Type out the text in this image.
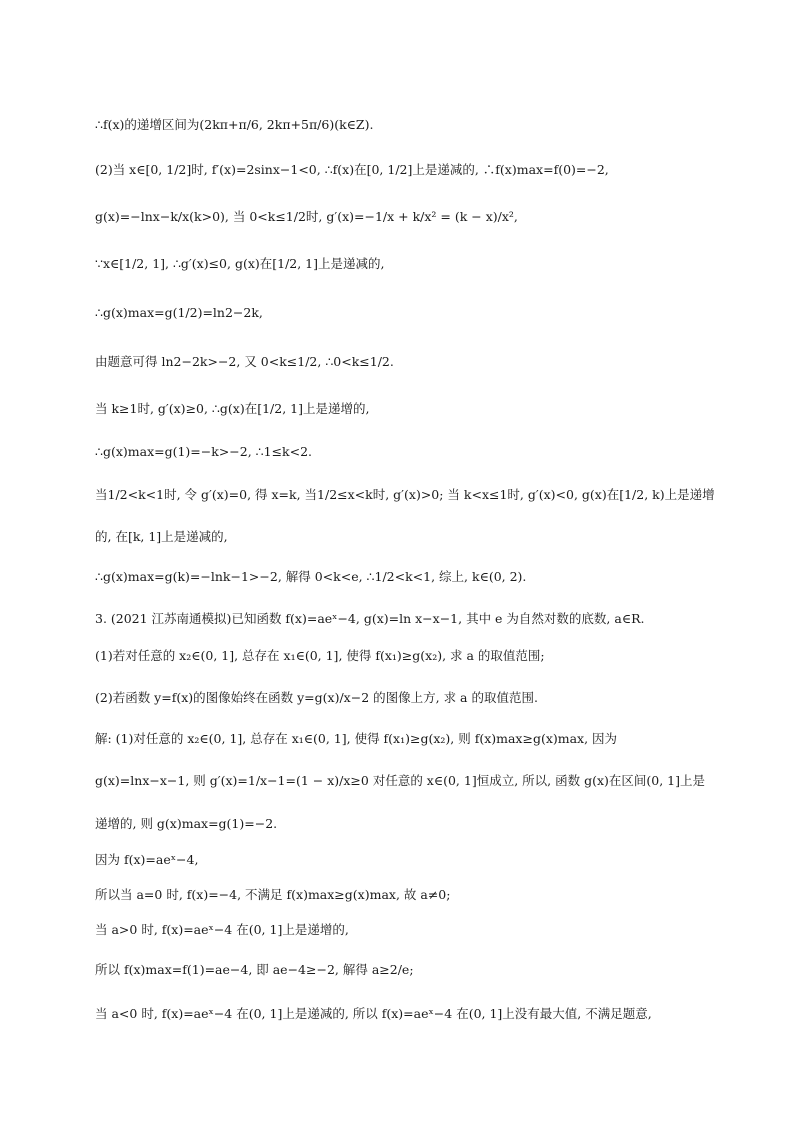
∴f(x)的递增区间为(2kπ+π/6, 2kπ+5π/6)(k∈Z).
(2)当 x∈[0, 1/2]时, f′(x)=2sinx−1<0, ∴f(x)在[0, 1/2]上是递减的, ∴f(x)max=f(0)=−2,
g(x)=−lnx−k/x(k>0), 当 0<k≤1/2时, g′(x)=−1/x + k/x² = (k − x)/x²,
∵x∈[1/2, 1], ∴g′(x)≤0, g(x)在[1/2, 1]上是递减的,
∴g(x)max=g(1/2)=ln2−2k,
由题意可得 ln2−2k>−2, 又 0<k≤1/2, ∴0<k≤1/2.
当 k≥1时, g′(x)≥0, ∴g(x)在[1/2, 1]上是递增的,
∴g(x)max=g(1)=−k>−2, ∴1≤k<2.
当1/2<k<1时, 令 g′(x)=0, 得 x=k, 当1/2≤x<k时, g′(x)>0; 当 k<x≤1时, g′(x)<0, g(x)在[1/2, k)上是递增
的, 在[k, 1]上是递减的,
∴g(x)max=g(k)=−lnk−1>−2, 解得 0<k<e, ∴1/2<k<1, 综上, k∈(0, 2).
3. (2021 江苏南通模拟)已知函数 f(x)=aeˣ−4, g(x)=ln x−x−1, 其中 e 为自然对数的底数, a∈R.
(1)若对任意的 x₂∈(0, 1], 总存在 x₁∈(0, 1], 使得 f(x₁)≥g(x₂), 求 a 的取值范围;
(2)若函数 y=f(x)的图像始终在函数 y=g(x)/x−2 的图像上方, 求 a 的取值范围.
解: (1)对任意的 x₂∈(0, 1], 总存在 x₁∈(0, 1], 使得 f(x₁)≥g(x₂), 则 f(x)max≥g(x)max, 因为
g(x)=lnx−x−1, 则 g′(x)=1/x−1=(1 − x)/x≥0 对任意的 x∈(0, 1]恒成立, 所以, 函数 g(x)在区间(0, 1]上是
递增的, 则 g(x)max=g(1)=−2.
因为 f(x)=aeˣ−4,
所以当 a=0 时, f(x)=−4, 不满足 f(x)max≥g(x)max, 故 a≠0;
当 a>0 时, f(x)=aeˣ−4 在(0, 1]上是递增的,
所以 f(x)max=f(1)=ae−4, 即 ae−4≥−2, 解得 a≥2/e;
当 a<0 时, f(x)=aeˣ−4 在(0, 1]上是递减的, 所以 f(x)=aeˣ−4 在(0, 1]上没有最大值, 不满足题意,
